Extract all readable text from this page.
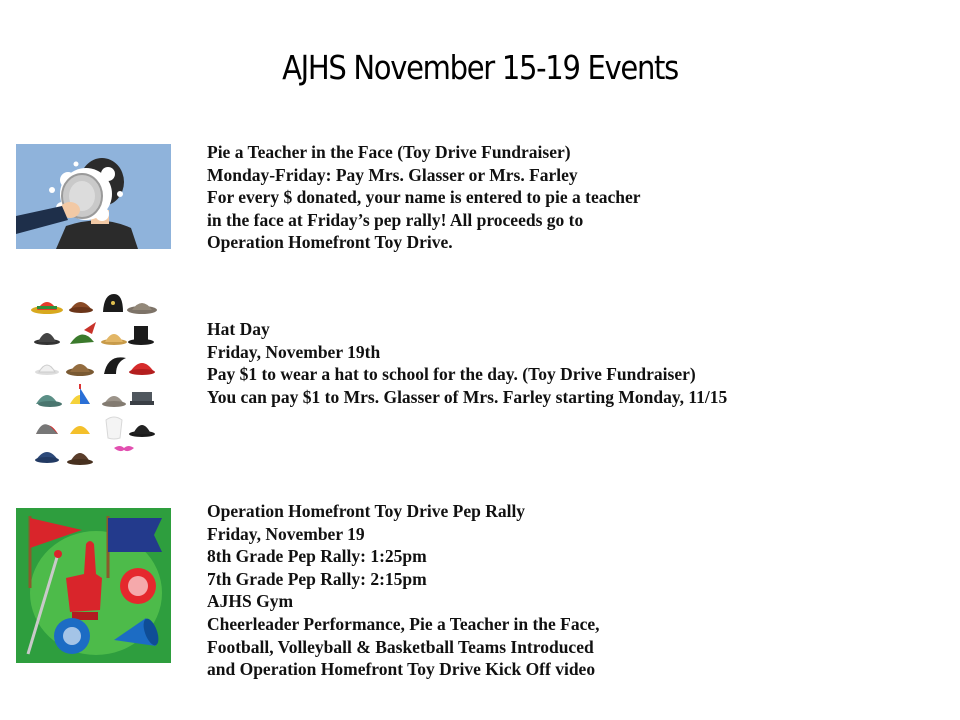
AJHS November 15-19 Events
Pie a Teacher in the Face (Toy Drive Fundraiser)
Monday-Friday: Pay Mrs. Glasser or Mrs. Farley
For every $ donated, your name is entered to pie a teacher
in the face at Friday’s pep rally! All proceeds go to
Operation Homefront Toy Drive.
Hat Day
Friday, November 19th
Pay $1 to wear a hat to school for the day. (Toy Drive Fundraiser)
You can pay $1 to Mrs. Glasser of Mrs. Farley starting Monday, 11/15
Operation Homefront Toy Drive Pep Rally
Friday, November 19
8th Grade Pep Rally: 1:25pm
7th Grade Pep Rally: 2:15pm
AJHS Gym
Cheerleader Performance, Pie a Teacher in the Face,
Football, Volleyball & Basketball Teams Introduced
and Operation Homefront Toy Drive Kick Off video
